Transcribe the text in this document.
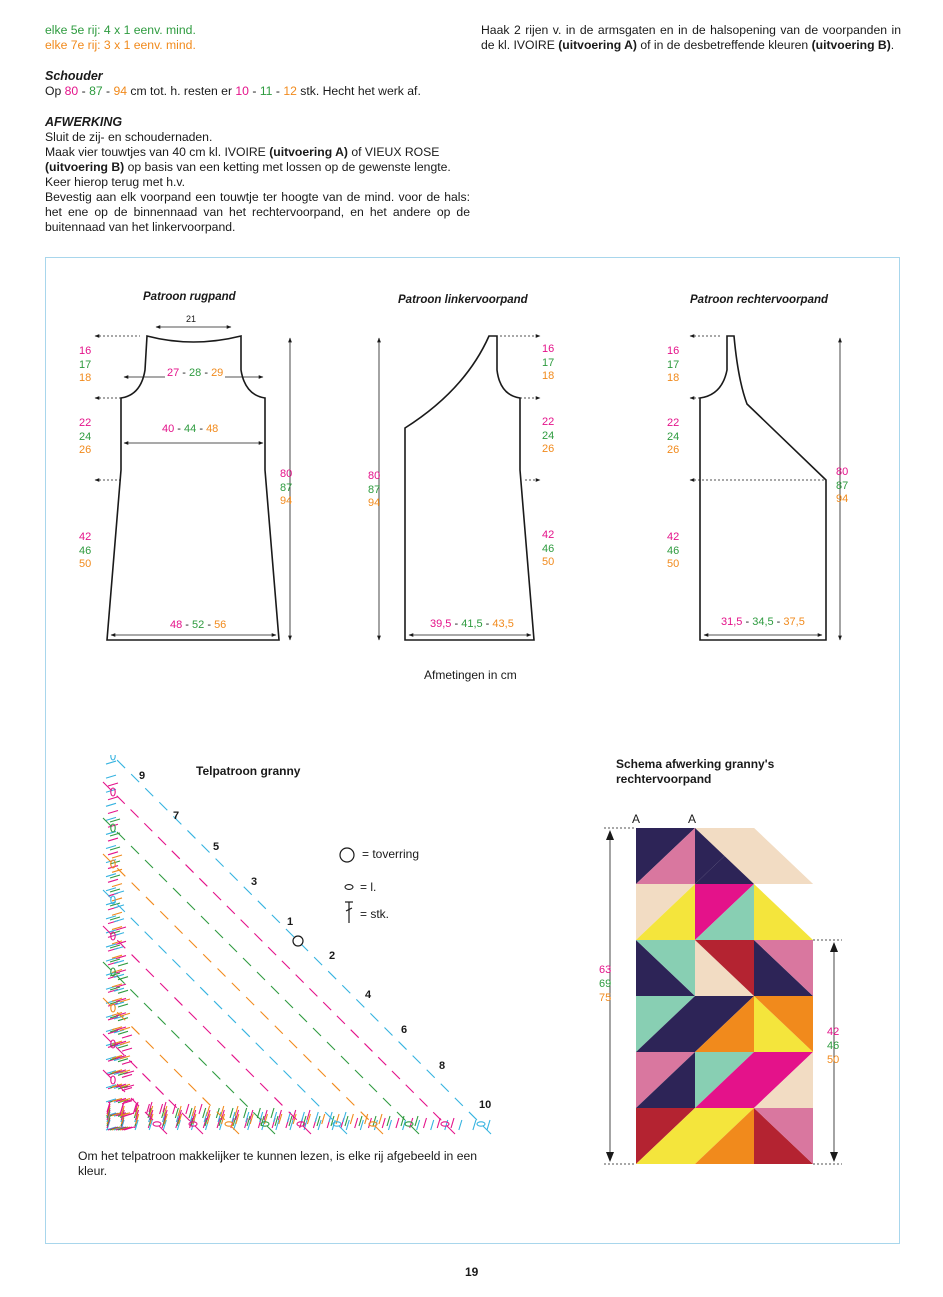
elke 5e rij: 4 x 1 eenv. mind.
elke 7e rij: 3 x 1 eenv. mind.
Schouder
Op 80 - 87 - 94 cm tot. h. resten er 10 - 11 - 12 stk. Hecht het werk af.
AFWERKING
Sluit de zij- en schoudernaden.
Maak vier touwtjes van 40 cm kl. IVOIRE (uitvoering A) of VIEUX ROSE (uitvoering B) op basis van een ketting met lossen op de gewenste lengte.
Keer hierop terug met h.v.
Bevestig aan elk voorpand een touwtje ter hoogte van de mind. voor de hals: het ene op de binnennaad van het rechtervoorpand, en het andere op de buitennaad van het linkervoorpand.
Haak 2 rijen v. in de armsgaten en in de halsopening van de voorpanden in de kl. IVOIRE (uitvoering A) of in de desbetreffende kleuren (uitvoering B).
Patroon rugpand	Patroon linkervoorpand	Patroon rechtervoorpand
21
27 - 28 - 29
40 - 44 - 48
48 - 52 - 56
16
17
18
22
24
26
42
46
50
80
87
94
80
87
94
39,5 - 41,5 - 43,5
16
17
18
22
24
26
42
46
50
16
17
18
22
24
26
42
46
50
80
87
94
31,5 - 34,5 - 37,5
Afmetingen in cm
Telpatroon granny
1
2
3
4
5
6
7
8
9
10
= toverring
= l.
= stk.
Om het telpatroon makkelijker te kunnen lezen, is elke rij afgebeeld in een kleur.
Schema afwerking granny's
rechtervoorpand
A	A
63
69
75
42
46
50
19
